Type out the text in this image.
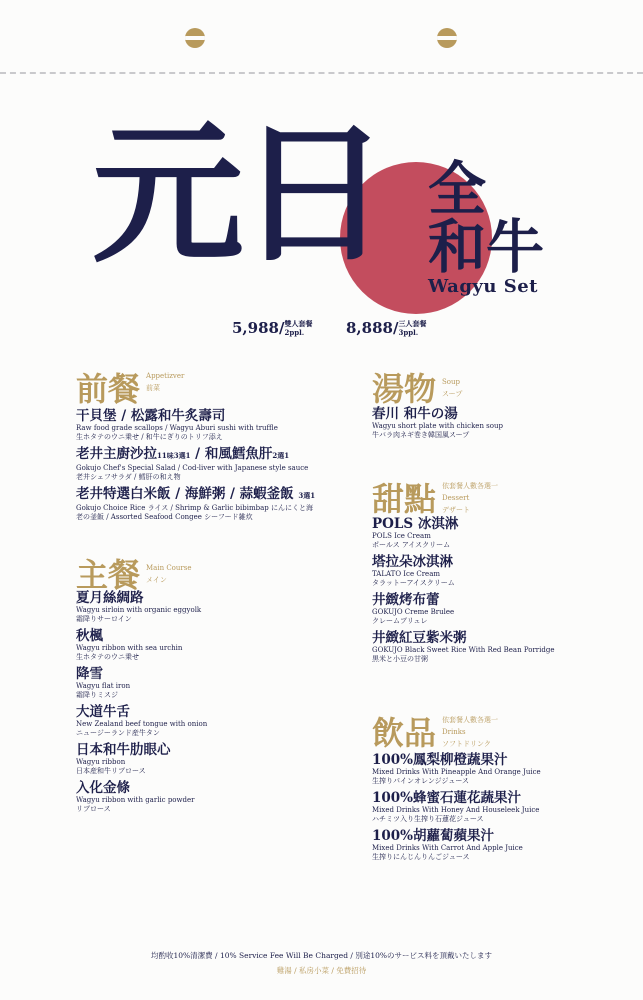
元日 全
和牛
Wagyu Set
5,988/雙人套餐
2ppl.	8,888/三人套餐
3ppl.
前餐 Appetizver
前菜
干貝堡 / 松露和牛炙壽司
Raw food grade scallops / Wagyu Aburi sushi with truffle
生ホタテのウニ乗せ / 和牛にぎりのトリフ添え
老井主廚沙拉11味3選1 / 和風鱈魚肝2選1
Gokujo Chef's Special Salad / Cod-liver with Japanese style sauce
老井シェフサラダ / 鱈肝の和え物
老井特選白米飯 / 海鮮粥 / 蒜蝦釜飯 3選1
Gokujo Choice Rice ライス / Shrimp & Garlic bibimbap にんにくと海
老の釜飯 / Assorted Seafood Congee シーフード雑炊
主餐 Main Course
メイン
夏月絲綢路
Wagyu sirloin with organic eggyolk
霜降りサーロイン
秋楓
Wagyu ribbon with sea urchin
生ホタテのウニ乗せ
降雪
Wagyu flat iron
霜降りミスジ
大道牛舌
New Zealand beef tongue with onion
ニュージーランド産牛タン
日本和牛肋眼心
Wagyu ribbon
日本産和牛リブロース
入化金條
Wagyu ribbon with garlic powder
リブロース
湯物 Soup
スープ
春川 和牛の湯
Wagyu short plate with chicken soup
牛バラ肉ネギ巻き韓国風スープ
甜點 依套餐人數各選一
Dessert
デザート
POLS 冰淇淋
POLS Ice Cream
ポールス アイスクリーム
塔拉朵冰淇淋
TALATO Ice Cream
タラットーアイスクリーム
井緻烤布蕾
GOKUJO Creme Brulee
クレームブリュレ
井緻紅豆紫米粥
GOKUJO Black Sweet Rice With Red Bean Porridge
黒米と小豆の甘粥
飲品 依套餐人數各選一
Drinks
ソフトドリンク
100%鳳梨柳橙蔬果汁
Mixed Drinks With Pineapple And Orange Juice
生搾りパインオレンジジュース
100%蜂蜜石蓮花蔬果汁
Mixed Drinks With Honey And Houseleek Juice
ハチミツ入り生搾り石蓮花ジュース
100%胡蘿蔔蘋果汁
Mixed Drinks With Carrot And Apple Juice
生搾りにんじんりんごジュース
均酌收10%清潔費 / 10% Service Fee Will Be Charged / 別途10%のサービス料を頂戴いたします
雞湯 / 私房小菜 / 免費招待
